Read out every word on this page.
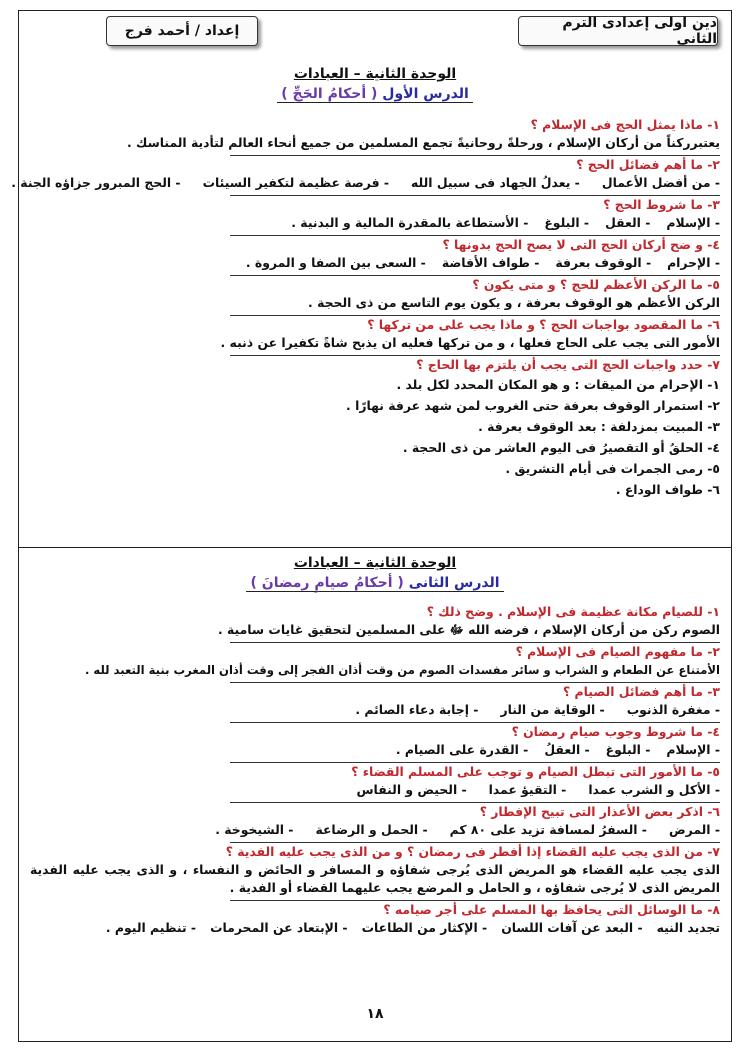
دين اولى إعدادى الترم الثانى
إعداد / أحمد فرج
الوحدة الثانية – العبادات
الدرس الأول ( أحكامُ الحَجِّ )
١- ماذا يمثل الحج فى الإسلام ؟
يعتبرركناً من أركان الإسلام ، ورحلةً روحانيةً تجمع المسلمين من جميع أنحاء العالم لتأدية المناسك .
٢- ما أهم فضائل الحج ؟
- من أفضل الأعمال
- يعدلُ الجهاد فى سبيل الله
- فرصة عظيمة لتكفير السيئات
- الحج المبرور جزاؤه الجنة .
٣- ما شروط الحج ؟
- الإسلام
- العقل
- البلوغ
- الأستطاعة بالمقدرة المالية و البدنية .
٤- و ضح أركان الحج التى لا يصح الحج بدونها ؟
- الإحرام
- الوقوف بعرفة
- طواف الأفاضة
- السعى بين الصفا و المروة .
٥- ما الركن الأعظم للحج ؟ و متى يكون ؟
الركن الأعظم هو الوقوف بعرفة ، و يكون يوم التاسع من ذى الحجة .
٦- ما المقصود بواجبات الحج ؟ و ماذا يجب على من تركها ؟
الأمور التى يجب على الحاج فعلها ، و من تركها فعليه ان يذبح شاةً تكفيرا عن ذنبه .
٧- حدد واجبات الحج التى يجب أن يلتزم بها الحاج ؟
١- الإحرام من الميقات : و هو المكان المحدد لكل بلد .
٢- استمرار الوقوف بعرفة حتى الغروب لمن شهد عرفة نهارًا .
٣- المبيت بمزدلفة : بعد الوقوف بعرفة .
٤- الحلقُ أو التقصيرُ فى اليوم العاشر من ذى الحجة .
٥- رمى الجمرات فى أيام التشريق .
٦- طواف الوداع .
الوحدة الثانية – العبادات
الدرس الثانى ( أحكامُ صيامِ رمضانَ )
١- للصيام مكانة عظيمة فى الإسلام . وضح ذلك ؟
الصوم ركن من أركان الإسلام ، فرضه الله ﷻ على المسلمين لتحقيق غايات سامية .
٢- ما مفهوم الصيام فى الإسلام ؟
الأمتناع عن الطعام و الشراب و سائر مفسدات الصوم من وقت أذان الفجر إلى وقت أذان المغرب بنية التعبد لله .
٣- ما أهم فضائل الصيام ؟
- مغفرة الذنوب
- الوقاية من النار
- إجابة دعاء الصائم .
٤- ما شروط وجوب صيام رمضان ؟
- الإسلام
- البلوغ
- العقلُ
- القدرة على الصيام .
٥- ما الأمور التى تبطل الصيام و توجب على المسلم القضاء ؟
- الأكل و الشرب عمدا
- التقيؤ عمدا
- الحيض و النفاس
٦- اذكر بعض الأعذار التى تبيح الإفطار ؟
- المرض
- السفرُ لمسافة تزيد على ٨٠ كم
- الحمل و الرضاعة
- الشيخوخة .
٧- من الذى يجب عليه القضاء إذا أفطر فى رمضان ؟ و من الذى يجب عليه الفدية ؟
الذى يجب عليه القضاء هو المريض الذى يُرجى شفاؤه و المسافر و الحائض و النفساء ، و الذى يجب عليه الفدية المريض الذى لا يُرجى شفاؤه ، و الحامل و المرضع يجب عليهما القضاء أو الفدية .
٨- ما الوسائل التى يحافظ بها المسلم على أجر صيامه ؟
تجديد النيه
- البعد عن آفات اللسان
- الإكثار من الطاعات
- الإبتعاد عن المحرمات
- تنظيم اليوم .
١٨
